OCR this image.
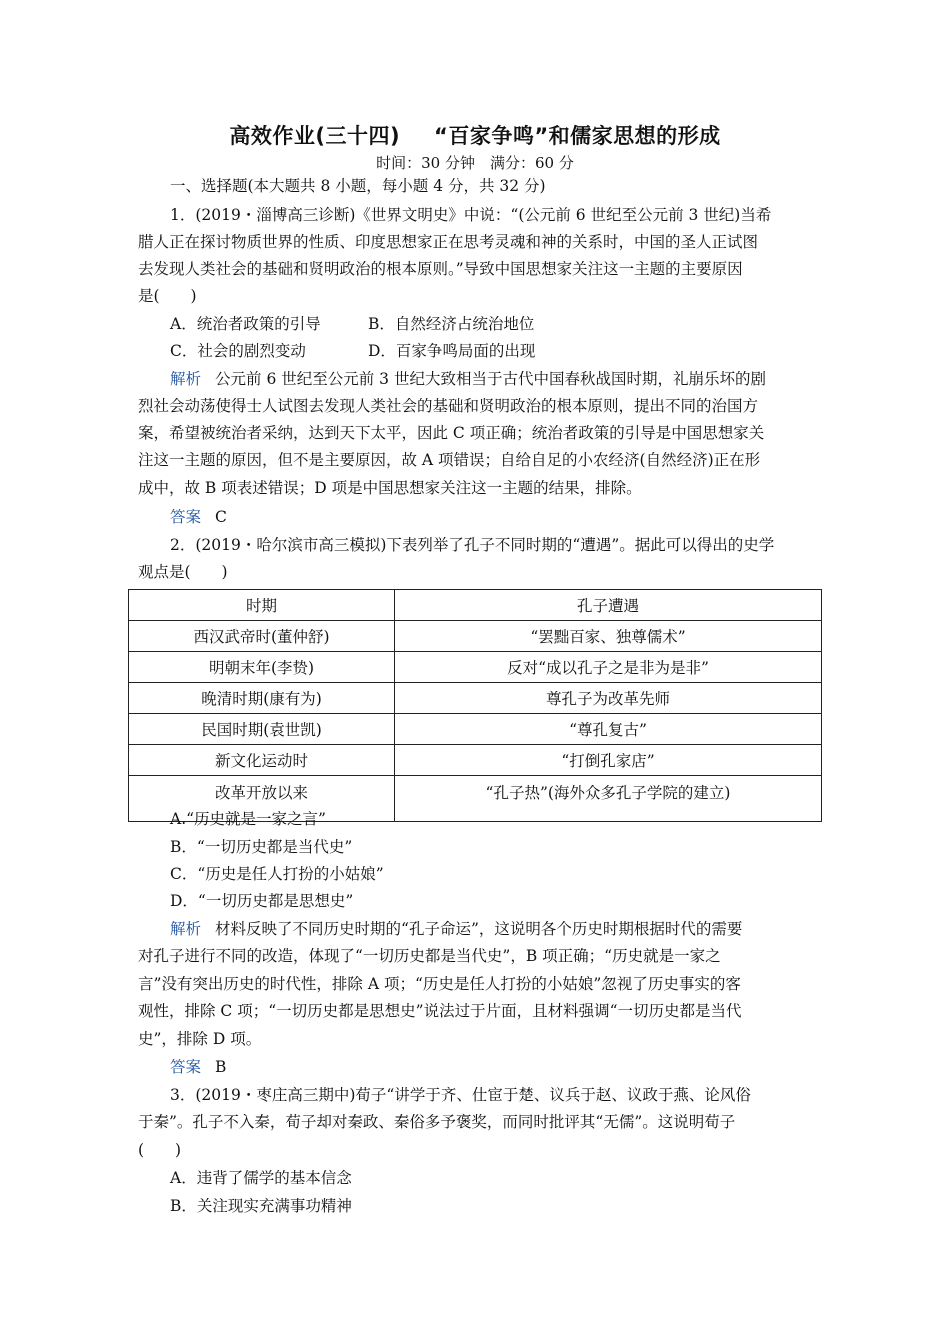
高效作业(三十四) “百家争鸣”和儒家思想的形成
时间：30 分钟　满分：60 分
一、选择题(本大题共 8 小题，每小题 4 分，共 32 分)
1．(2019・淄博高三诊断)《世界文明史》中说：“(公元前 6 世纪至公元前 3 世纪)当希
腊人正在探讨物质世界的性质、印度思想家正在思考灵魂和神的关系时，中国的圣人正试图
去发现人类社会的基础和贤明政治的根本原则。”导致中国思想家关注这一主题的主要原因
是(　　)
A．统治者政策的引导	B．自然经济占统治地位
C．社会的剧烈变动	D．百家争鸣局面的出现
解析 公元前 6 世纪至公元前 3 世纪大致相当于古代中国春秋战国时期，礼崩乐坏的剧
烈社会动荡使得士人试图去发现人类社会的基础和贤明政治的根本原则，提出不同的治国方
案，希望被统治者采纳，达到天下太平，因此 C 项正确；统治者政策的引导是中国思想家关
注这一主题的原因，但不是主要原因，故 A 项错误；自给自足的小农经济(自然经济)正在形
成中，故 B 项表述错误；D 项是中国思想家关注这一主题的结果，排除。
答案 C
2．(2019・哈尔滨市高三模拟)下表列举了孔子不同时期的“遭遇”。据此可以得出的史学
观点是(　　)
时期	孔子遭遇
西汉武帝时(董仲舒)	“罢黜百家、独尊儒术”
明朝末年(李贽)	反对“成以孔子之是非为是非”
晚清时期(康有为)	尊孔子为改革先师
民国时期(袁世凯)	“尊孔复古”
新文化运动时	“打倒孔家店”
改革开放以来	“孔子热”(海外众多孔子学院的建立)
A.“历史就是一家之言”
B．“一切历史都是当代史”
C．“历史是任人打扮的小姑娘”
D．“一切历史都是思想史”
解析 材料反映了不同历史时期的“孔子命运”，这说明各个历史时期根据时代的需要
对孔子进行不同的改造，体现了“一切历史都是当代史”，B 项正确；“历史就是一家之
言”没有突出历史的时代性，排除 A 项；“历史是任人打扮的小姑娘”忽视了历史事实的客
观性，排除 C 项；“一切历史都是思想史”说法过于片面，且材料强调“一切历史都是当代
史”，排除 D 项。
答案 B
3．(2019・枣庄高三期中)荀子“讲学于齐、仕宦于楚、议兵于赵、议政于燕、论风俗
于秦”。孔子不入秦，荀子却对秦政、秦俗多予褒奖，而同时批评其“无儒”。这说明荀子
(　　)
A．违背了儒学的基本信念
B．关注现实充满事功精神
